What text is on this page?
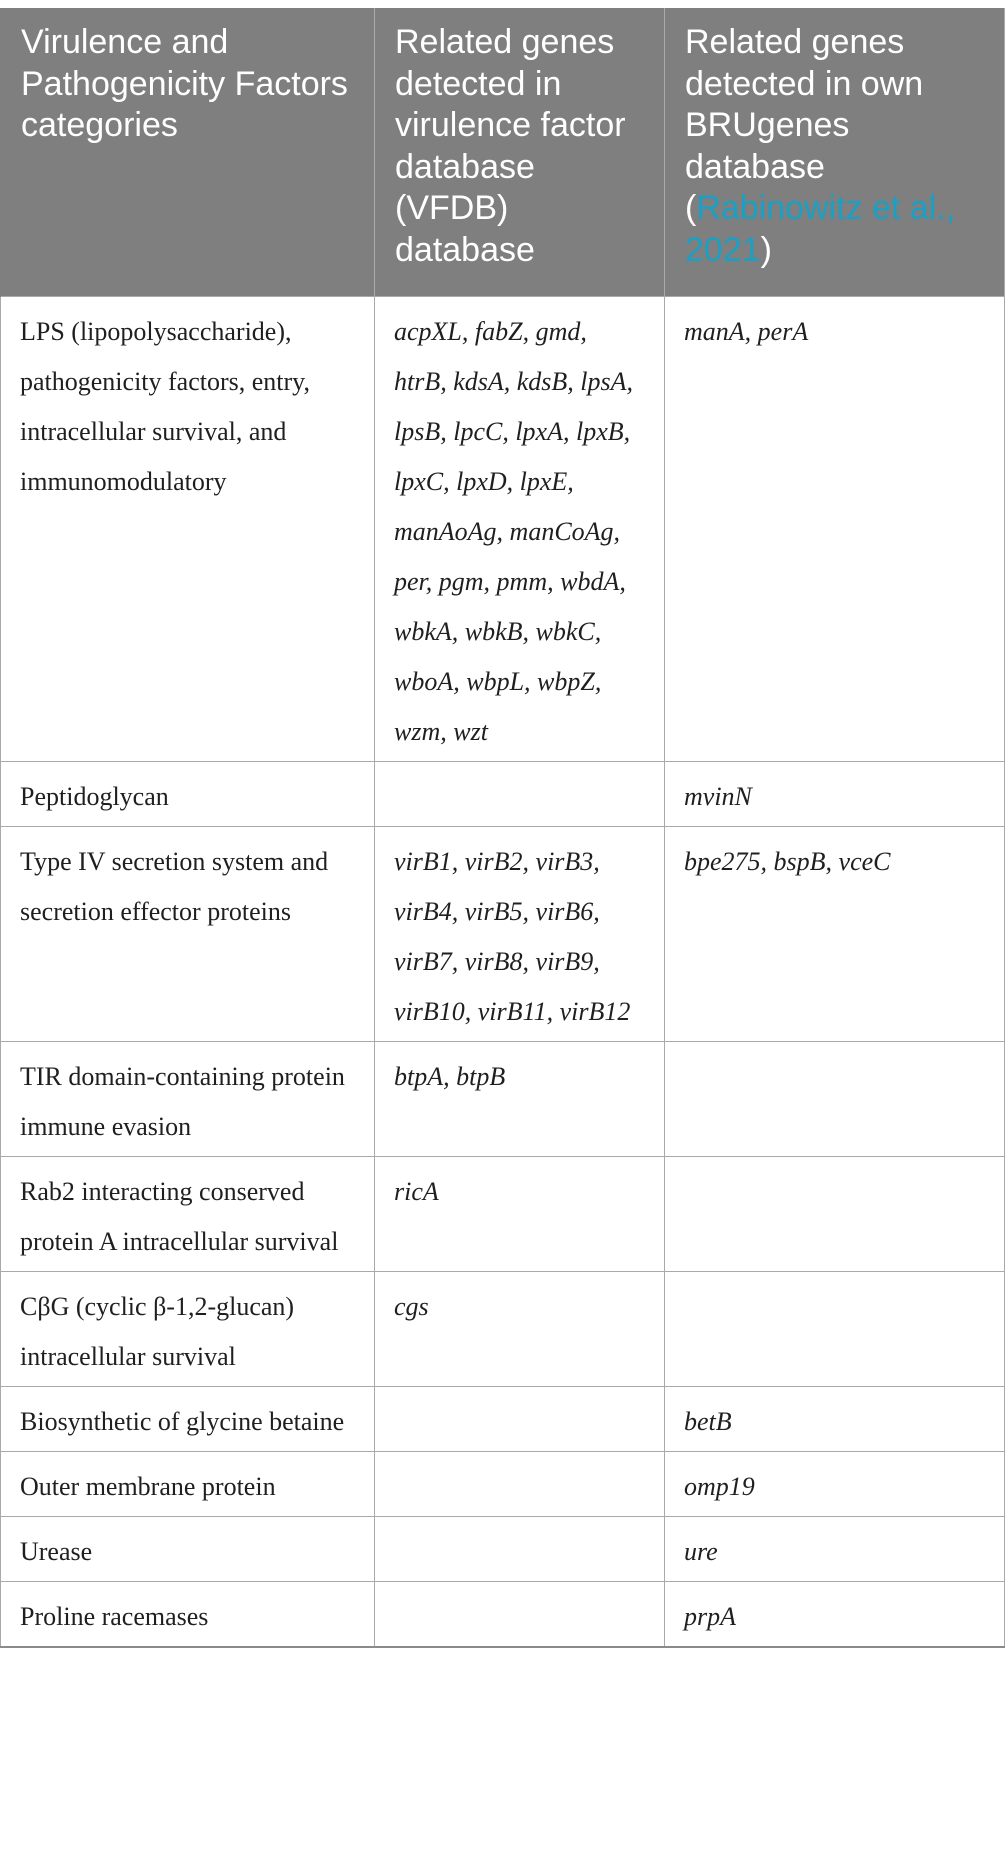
Virulence and Pathogenicity Factors categories	Related genes detected in virulence factor database (VFDB) database	Related genes detected in own BRUgenes database (Rabinowitz et al., 2021)
LPS (lipopolysaccharide), pathogenicity factors, entry, intracellular survival, and immunomodulatory	acpXL, fabZ, gmd, htrB, kdsA, kdsB, lpsA, lpsB, lpcC, lpxA, lpxB, lpxC, lpxD, lpxE, manAoAg, manCoAg, per, pgm, pmm, wbdA, wbkA, wbkB, wbkC, wboA, wbpL, wbpZ, wzm, wzt	manA, perA
Peptidoglycan		mvinN
Type IV secretion system and secretion effector proteins	virB1, virB2, virB3, virB4, virB5, virB6, virB7, virB8, virB9, virB10, virB11, virB12	bpe275, bspB, vceC
TIR domain-containing protein immune evasion	btpA, btpB	
Rab2 interacting conserved protein A intracellular survival	ricA	
CβG (cyclic β-1,2-glucan) intracellular survival	cgs	
Biosynthetic of glycine betaine		betB
Outer membrane protein		omp19
Urease		ure
Proline racemases		prpA
